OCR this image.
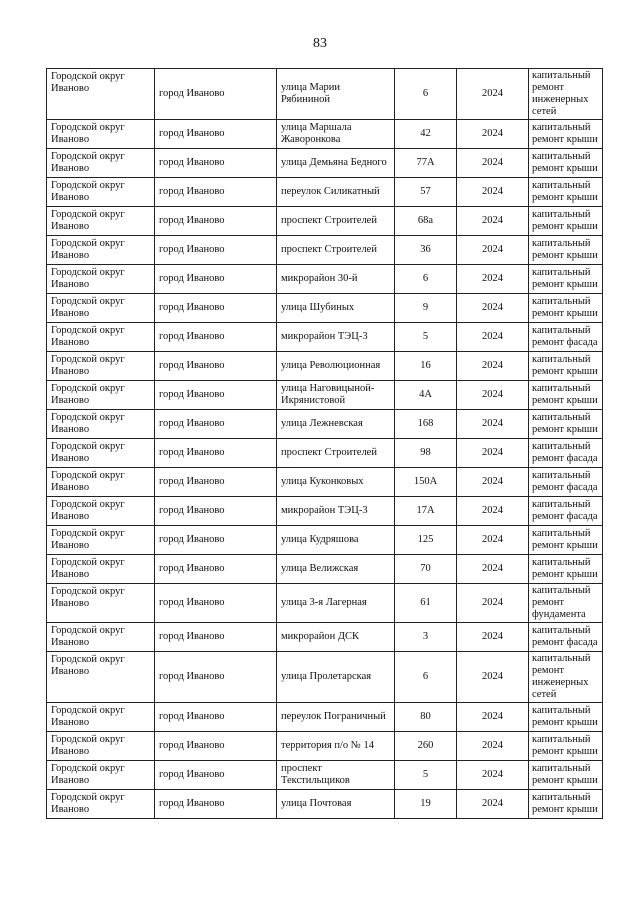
83
Городской округ Иваново	город Иваново	улица Марии Рябининой	6	2024	капитальный ремонт инженерных сетей
Городской округ Иваново	город Иваново	улица Маршала Жаворонкова	42	2024	капитальный ремонт крыши
Городской округ Иваново	город Иваново	улица Демьяна Бедного	77А	2024	капитальный ремонт крыши
Городской округ Иваново	город Иваново	переулок Силикатный	57	2024	капитальный ремонт крыши
Городской округ Иваново	город Иваново	проспект Строителей	68а	2024	капитальный ремонт крыши
Городской округ Иваново	город Иваново	проспект Строителей	36	2024	капитальный ремонт крыши
Городской округ Иваново	город Иваново	микрорайон 30-й	6	2024	капитальный ремонт крыши
Городской округ Иваново	город Иваново	улица Шубиных	9	2024	капитальный ремонт крыши
Городской округ Иваново	город Иваново	микрорайон ТЭЦ-3	5	2024	капитальный ремонт фасада
Городской округ Иваново	город Иваново	улица Революционная	16	2024	капитальный ремонт крыши
Городской округ Иваново	город Иваново	улица Наговицыной-Икрянистовой	4А	2024	капитальный ремонт крыши
Городской округ Иваново	город Иваново	улица Лежневская	168	2024	капитальный ремонт крыши
Городской округ Иваново	город Иваново	проспект Строителей	98	2024	капитальный ремонт фасада
Городской округ Иваново	город Иваново	улица Куконковых	150А	2024	капитальный ремонт фасада
Городской округ Иваново	город Иваново	микрорайон ТЭЦ-3	17А	2024	капитальный ремонт фасада
Городской округ Иваново	город Иваново	улица Кудряшова	125	2024	капитальный ремонт крыши
Городской округ Иваново	город Иваново	улица Велижская	70	2024	капитальный ремонт крыши
Городской округ Иваново	город Иваново	улица 3-я Лагерная	61	2024	капитальный ремонт фундамента
Городской округ Иваново	город Иваново	микрорайон ДСК	3	2024	капитальный ремонт фасада
Городской округ Иваново	город Иваново	улица Пролетарская	6	2024	капитальный ремонт инженерных сетей
Городской округ Иваново	город Иваново	переулок Пограничный	80	2024	капитальный ремонт крыши
Городской округ Иваново	город Иваново	территория п/о № 14	260	2024	капитальный ремонт крыши
Городской округ Иваново	город Иваново	проспект Текстильщиков	5	2024	капитальный ремонт крыши
Городской округ Иваново	город Иваново	улица Почтовая	19	2024	капитальный ремонт крыши
